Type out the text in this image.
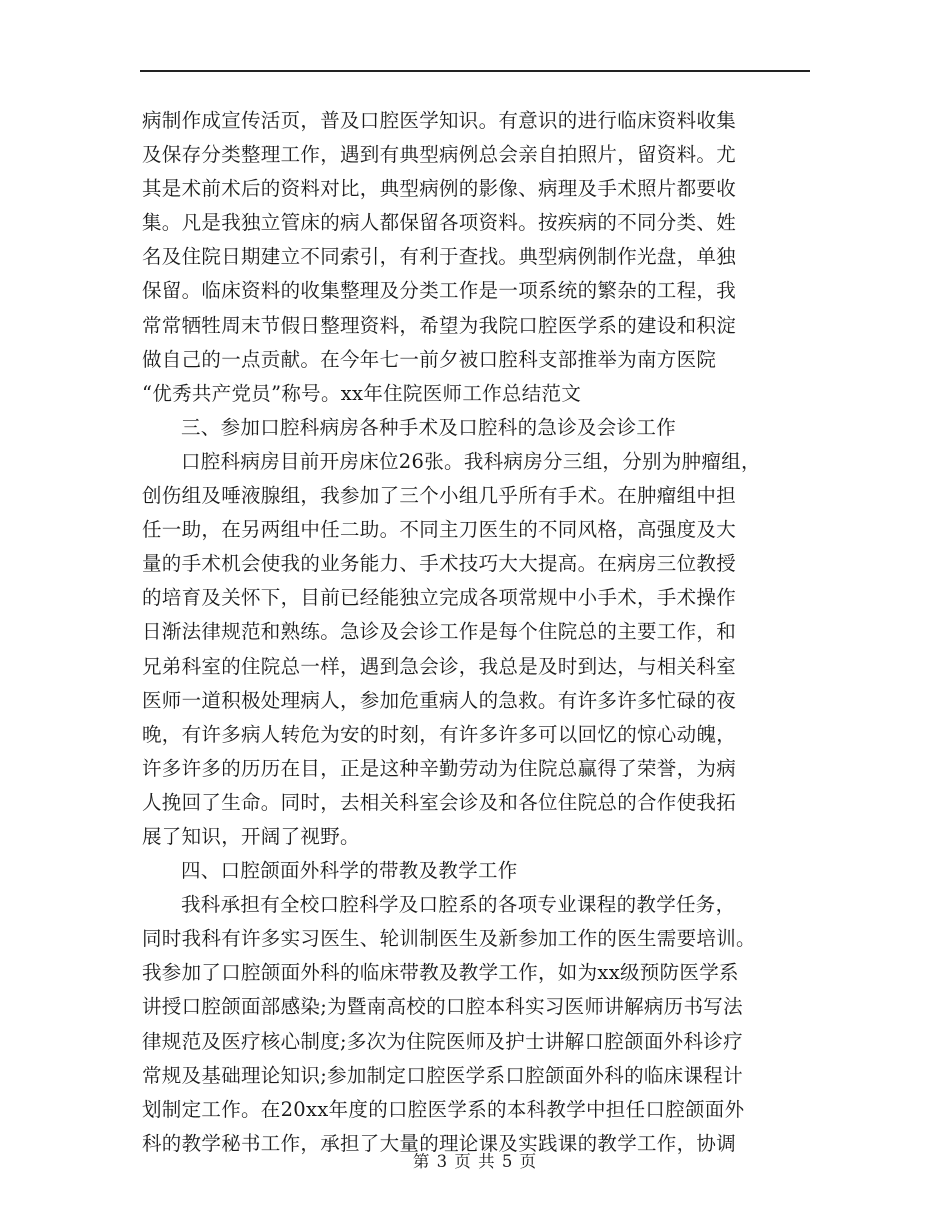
病制作成宣传活页，普及口腔医学知识。有意识的进行临床资料收集
及保存分类整理工作，遇到有典型病例总会亲自拍照片，留资料。尤
其是术前术后的资料对比，典型病例的影像、病理及手术照片都要收
集。凡是我独立管床的病人都保留各项资料。按疾病的不同分类、姓
名及住院日期建立不同索引，有利于查找。典型病例制作光盘，单独
保留。临床资料的收集整理及分类工作是一项系统的繁杂的工程，我
常常牺牲周末节假日整理资料，希望为我院口腔医学系的建设和积淀
做自己的一点贡献。在今年七一前夕被口腔科支部推举为南方医院
“优秀共产党员”称号。xx年住院医师工作总结范文
三、参加口腔科病房各种手术及口腔科的急诊及会诊工作
口腔科病房目前开房床位26张。我科病房分三组，分别为肿瘤组，
创伤组及唾液腺组，我参加了三个小组几乎所有手术。在肿瘤组中担
任一助，在另两组中任二助。不同主刀医生的不同风格，高强度及大
量的手术机会使我的业务能力、手术技巧大大提高。在病房三位教授
的培育及关怀下，目前已经能独立完成各项常规中小手术，手术操作
日渐法律规范和熟练。急诊及会诊工作是每个住院总的主要工作，和
兄弟科室的住院总一样，遇到急会诊，我总是及时到达，与相关科室
医师一道积极处理病人，参加危重病人的急救。有许多许多忙碌的夜
晚，有许多病人转危为安的时刻，有许多许多可以回忆的惊心动魄，
许多许多的历历在目，正是这种辛勤劳动为住院总赢得了荣誉，为病
人挽回了生命。同时，去相关科室会诊及和各位住院总的合作使我拓
展了知识，开阔了视野。
四、口腔颌面外科学的带教及教学工作
我科承担有全校口腔科学及口腔系的各项专业课程的教学任务，
同时我科有许多实习医生、轮训制医生及新参加工作的医生需要培训。
我参加了口腔颌面外科的临床带教及教学工作，如为xx级预防医学系
讲授口腔颌面部感染;为暨南高校的口腔本科实习医师讲解病历书写法
律规范及医疗核心制度;多次为住院医师及护士讲解口腔颌面外科诊疗
常规及基础理论知识;参加制定口腔医学系口腔颌面外科的临床课程计
划制定工作。在20xx年度的口腔医学系的本科教学中担任口腔颌面外
科的教学秘书工作，承担了大量的理论课及实践课的教学工作，协调
第 3 页 共 5 页
